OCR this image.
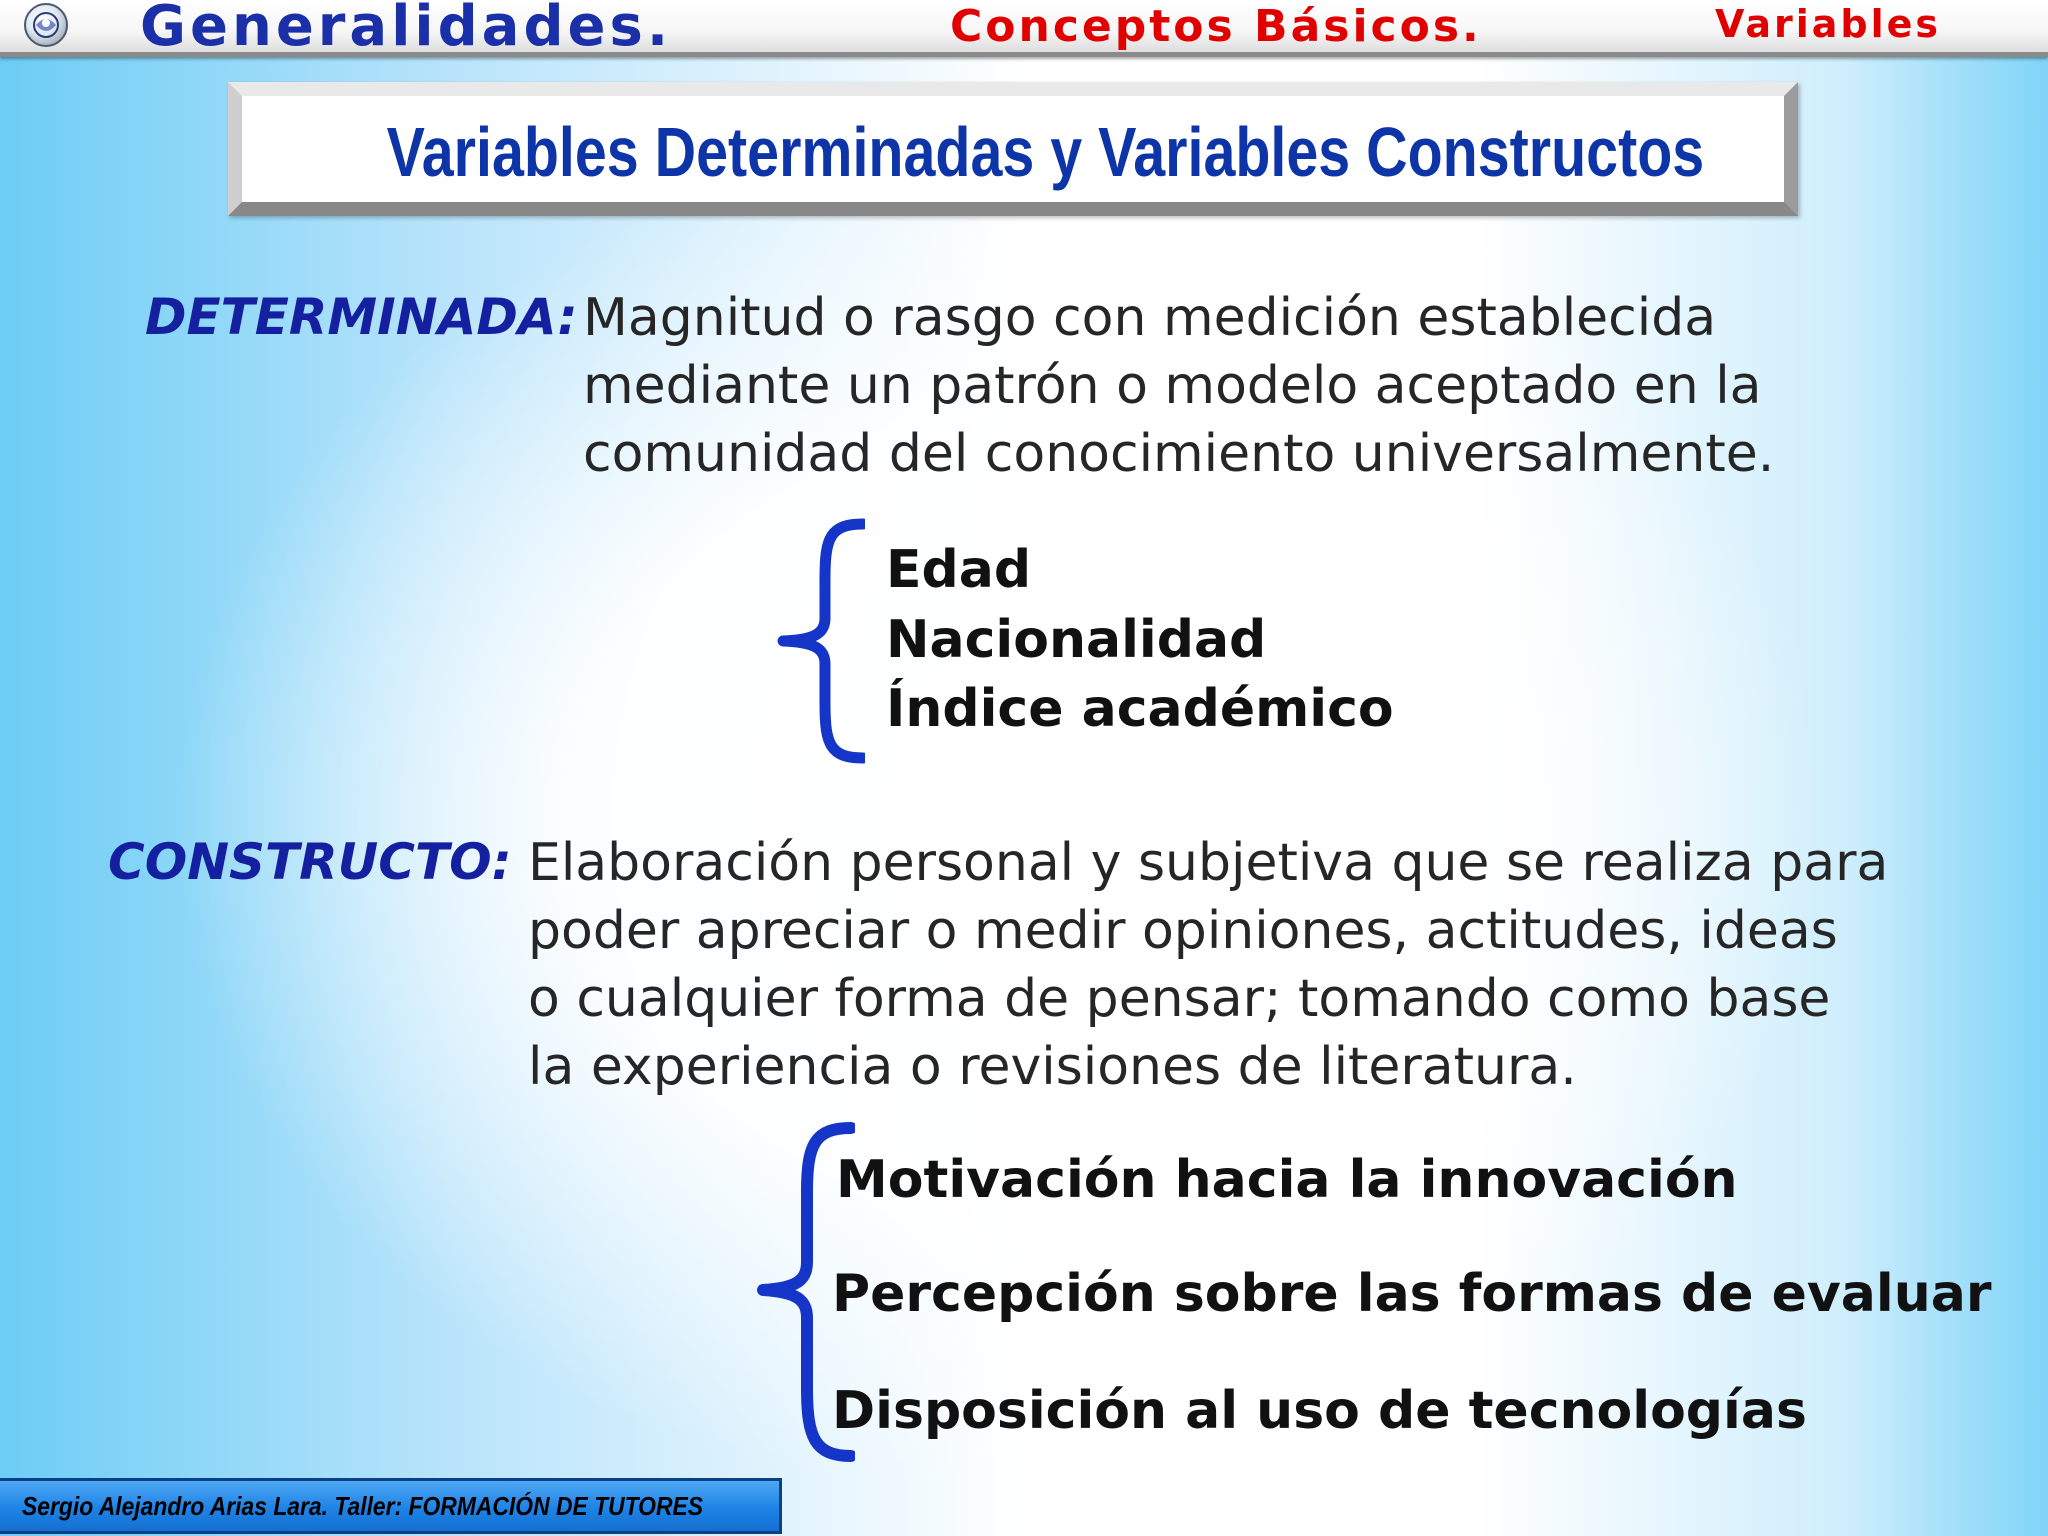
Generalidades.	Conceptos Básicos.	Variables
Variables Determinadas y Variables Constructos
DETERMINADA: Magnitud o rasgo con medición establecida
mediante un patrón o modelo aceptado en la
comunidad del conocimiento universalmente.
Edad
Nacionalidad
Índice académico
CONSTRUCTO: Elaboración personal y subjetiva que se realiza para
poder apreciar o medir opiniones, actitudes, ideas
o cualquier forma de pensar; tomando como base
la experiencia o revisiones de literatura.
Motivación hacia la innovación
Percepción sobre las formas de evaluar
Disposición al uso de tecnologías
Sergio Alejandro Arias Lara. Taller: FORMACIÓN DE TUTORES
